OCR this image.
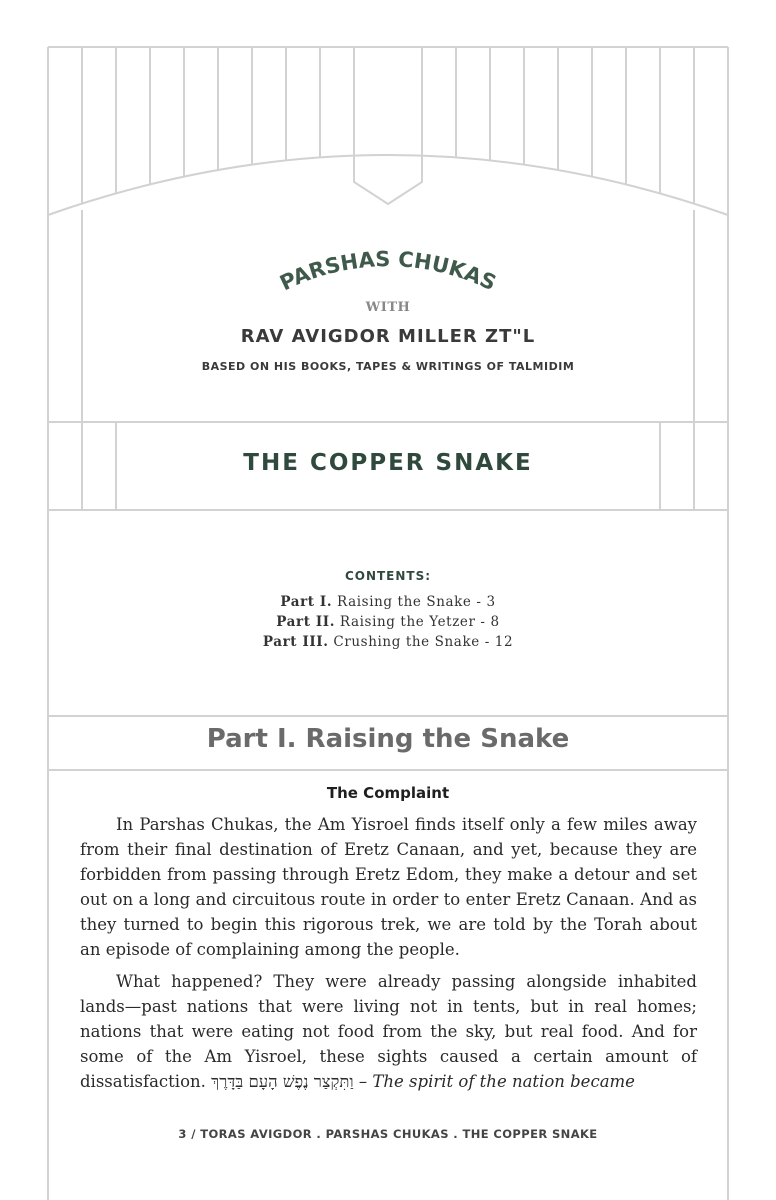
PARSHAS CHUKAS
WITH
RAV AVIGDOR MILLER ZT"L
BASED ON HIS BOOKS, TAPES & WRITINGS OF TALMIDIM
THE COPPER SNAKE
CONTENTS:
Part I. Raising the Snake - 3
Part II. Raising the Yetzer - 8
Part III. Crushing the Snake - 12
Part I. Raising the Snake
The Complaint

In Parshas Chukas, the Am Yisroel finds itself only a few miles away from their final destination of Eretz Canaan, and yet, because they are forbidden from passing through Eretz Edom, they make a detour and set out on a long and circuitous route in order to enter Eretz Canaan. And as they turned to begin this rigorous trek, we are told by the Torah about an episode of complaining among the people.

What happened? They were already passing alongside inhabited lands—past nations that were living not in tents, but in real homes; nations that were eating not food from the sky, but real food. And for some of the Am Yisroel, these sights caused a certain amount of dissatisfaction. וַתִּקְצַר נֶפֶשׁ הָעָם בַּדָּרֶךְ – The spirit of the nation became

3 / TORAS AVIGDOR . PARSHAS CHUKAS . THE COPPER SNAKE
